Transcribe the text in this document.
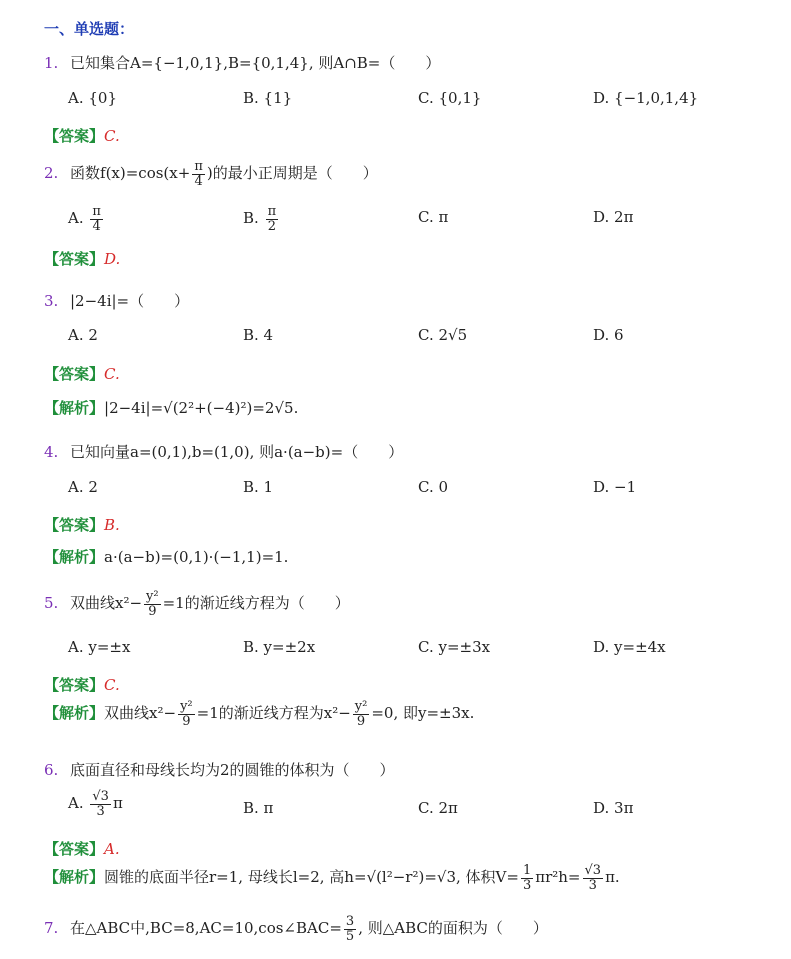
一、单选题：
1. 已知集合A={−1,0,1},B={0,1,4}, 则A∩B=（　　）
A. {0}	B. {1}	C. {0,1}	D. {−1,0,1,4}
【答案】C.
2. 函数$f(x)=\cos(x+ \frac{\pi}{4}$ )的最小正周期是（　　）
A. $\frac{\pi}{4}$	B. $\frac{\pi}{2}$	C. π	D. 2π
【答案】D.
3. |2−4i|=（　　）
A. 2	B. 4	C. 2√5	D. 6
【答案】C.
【解析】|2−4i|=√(2²+(−4)²)=2√5.
4. 已知向量a=(0,1),b=(1,0), 则a·(a−b)=（　　）
A. 2	B. 1	C. 0	D. −1
【答案】B.
【解析】a·(a−b)=(0,1)·(−1,1)=1.
5. 双曲线$x^2- \frac{\text{y²}}{9} =1$的渐近线方程为（　　）
A. y=±x	B. y=±2x	C. y=±3x	D. y=±4x
【答案】C.
【解析】双曲线$x^2- \frac{\text{y²}}{9} =1$的渐近线方程为$x^2- \frac{\text{y²}}{9} =0$, 即y=±3x.
6. 底面直径和母线长均为2的圆锥的体积为（　　）
A. $\frac{√3}{3}$ π	B. π	C. 2π	D. 3π
【答案】A.
【解析】圆锥的底面半径r=1, 母线长l=2, 高h=√(l²−r²)=√3, 体积$V= \frac{1}{3} \pi r^2h= \frac{√3}{3} \pi$.
7. 在△ABC中,BC=8,AC=10,cos∠BAC= $\frac{3}{5}$ , 则△ABC的面积为（　　）
